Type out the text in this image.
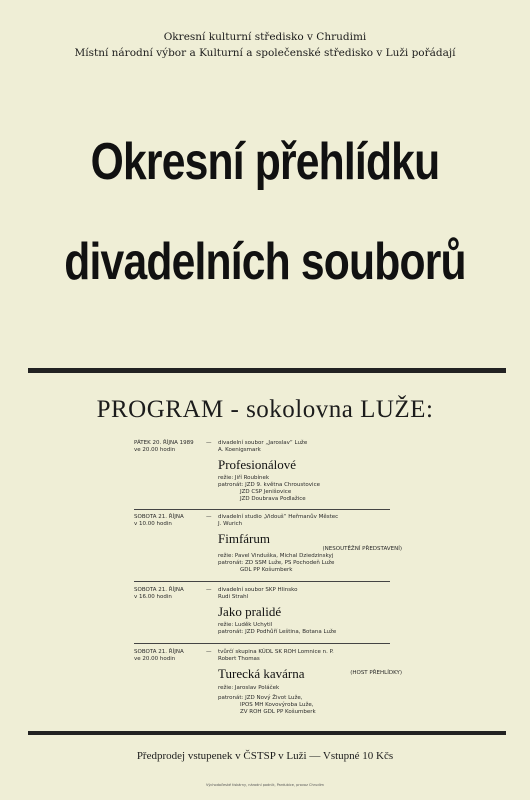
Okresní kulturní středisko v Chrudimi
Místní národní výbor a Kulturní a společenské středisko v Luži pořádají
Okresní přehlídku
divadelních souborů
PROGRAM - sokolovna LUŽE:
PÁTEK 20. ŘÍJNA 1989
ve 20.00 hodin
— divadelní soubor „Jaroslav“ Luže
A. Koenigsmark
Profesionálové
režie: Jiří Roubínek
patronát: JZD 9. května Chroustovice
JZD CSP Jenišovice
JZD Doubrava Podlažice
SOBOTA 21. ŘÍJNA
v 10.00 hodin
— divadelní studio „Vidouš“ Heřmanův Městec
J. Wurich
Fimfárum
(NESOUTĚŽNÍ PŘEDSTAVENÍ)
režie: Pavel Vinduška, Michal Dziedzinskyj
patronát: ZD SSM Luže, PS Pochodeň Luže
GDL PP Košumberk
SOBOTA 21. ŘÍJNA
v 16.00 hodin
— divadelní soubor SKP Hlinsko
Rudi Strahl
Jako pralidé
režie: Luděk Uchytil
patronát: JZD Podhůří Leština, Botana Luže
SOBOTA 21. ŘÍJNA
ve 20.00 hodin
— tvůrčí skupina KÚDL SK ROH Lomnice n. P.
Robert Thomas
Turecká kavárna	(HOST PŘEHLÍDKY)
režie: Jaroslav Poláček
patronát: JZD Nový Život Luže,
IPOS MH Kovovýroba Luže,
ZV ROH GDL PP Košumberk
Předprodej vstupenek v ČSTSP v Luži — Vstupné 10 Kčs
Východočeské tiskárny, národní podnik, Pardubice, provoz Chrudim
